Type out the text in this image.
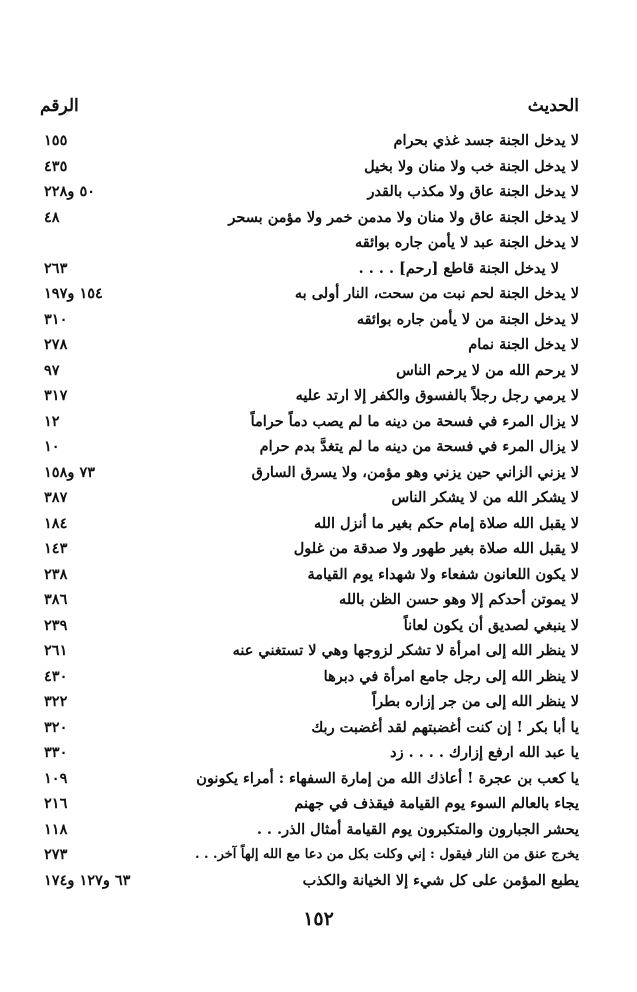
الرقم	الحديث
١٥٥	لا يدخل الجنة جسد غذي بحرام
٤٣٥	لا يدخل الجنة خب ولا منان ولا بخيل
٥٠ و٢٢٨	لا يدخل الجنة عاق ولا مكذب بالقدر
٤٨	لا يدخل الجنة عاق ولا منان ولا مدمن خمر ولا مؤمن بسحر
لا يدخل الجنة عبد لا يأمن جاره بوائقه
٢٦٣	لا يدخل الجنة قاطع [رحم] . . . .
١٥٤ و١٩٧	لا يدخل الجنة لحم نبت من سحت، النار أولى به
٣١٠	لا يدخل الجنة من لا يأمن جاره بوائقه
٢٧٨	لا يدخل الجنة نمام
٩٧	لا يرحم الله من لا يرحم الناس
٣١٧	لا يرمي رجل رجلاً بالفسوق والكفر إلا ارتد عليه
١٢	لا يزال المرء في فسحة من دينه ما لم يصب دماً حراماً
١٠	لا يزال المرء في فسحة من دينه ما لم يتغدَّ بدم حرام
٧٣ و١٥٨	لا يزني الزاني حين يزني وهو مؤمن، ولا يسرق السارق
٣٨٧	لا يشكر الله من لا يشكر الناس
١٨٤	لا يقبل الله صلاة إمام حكم بغير ما أنزل الله
١٤٣	لا يقبل الله صلاة بغير طهور ولا صدقة من غلول
٢٣٨	لا يكون اللعانون شفعاء ولا شهداء يوم القيامة
٣٨٦	لا يموتن أحدكم إلا وهو حسن الظن بالله
٢٣٩	لا ينبغي لصديق أن يكون لعاناً
٢٦١	لا ينظر الله إلى امرأة لا تشكر لزوجها وهي لا تستغني عنه
٤٣٠	لا ينظر الله إلى رجل جامع امرأة في دبرها
٣٢٢	لا ينظر الله إلى من جر إزاره بطراً
٣٢٠	يا أبا بكر ! إن كنت أغضبتهم لقد أغضبت ربك
٣٣٠	يا عبد الله ارفع إزارك . . . . زد
١٠٩	يا كعب بن عجرة ! أعاذك الله من إمارة السفهاء : أمراء يكونون
٢١٦	يجاء بالعالم السوء يوم القيامة فيقذف في جهنم
١١٨	يحشر الجبارون والمتكبرون يوم القيامة أمثال الذر. . .
٢٧٣	يخرج عنق من النار فيقول : إني وكلت بكل من دعا مع الله إلهاً آخر. . .
٦٣ و١٢٧ و١٧٤	يطبع المؤمن على كل شيء إلا الخيانة والكذب
١٥٢
